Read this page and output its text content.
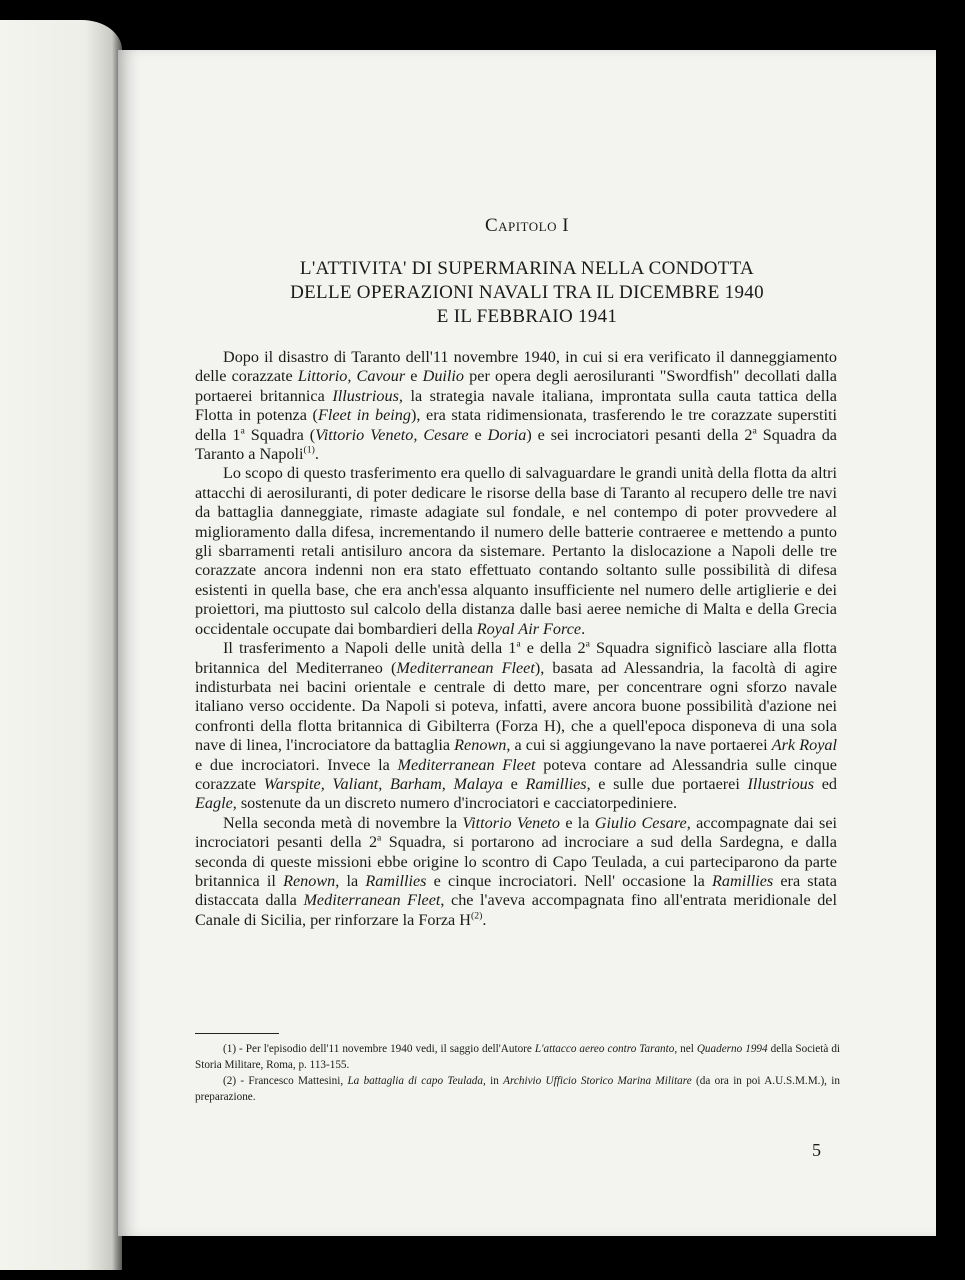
Capitolo I
L'ATTIVITA' DI SUPERMARINA NELLA CONDOTTA
DELLE OPERAZIONI NAVALI TRA IL DICEMBRE 1940
E IL FEBBRAIO 1941

Dopo il disastro di Taranto dell'11 novembre 1940, in cui si era verificato il danneggiamento delle corazzate Littorio, Cavour e Duilio per opera degli aerosiluranti "Swordfish" decollati dalla portaerei britannica Illustrious, la strategia navale italiana, improntata sulla cauta tattica della Flotta in potenza (Fleet in being), era stata ridimensionata, trasferendo le tre corazzate superstiti della 1$^a$ Squadra (Vittorio Veneto, Cesare e Doria) e sei incrociatori pesanti della 2$^a$ Squadra da Taranto a Napoli$^{(1)}$.

Lo scopo di questo trasferimento era quello di salvaguardare le grandi unità della flotta da altri attacchi di aerosiluranti, di poter dedicare le risorse della base di Taranto al recupero delle tre navi da battaglia danneggiate, rimaste adagiate sul fondale, e nel contempo di poter provvedere al miglioramento dalla difesa, incrementando il numero delle batterie contraeree e mettendo a punto gli sbarramenti retali antisiluro ancora da sistemare. Pertanto la dislocazione a Napoli delle tre corazzate ancora indenni non era stato effettuato contando soltanto sulle possibilità di difesa esistenti in quella base, che era anch'essa alquanto insufficiente nel numero delle artiglierie e dei proiettori, ma piuttosto sul calcolo della distanza dalle basi aeree nemiche di Malta e della Grecia occidentale occupate dai bombardieri della Royal Air Force.

Il trasferimento a Napoli delle unità della 1$^a$ e della 2$^a$ Squadra significò lasciare alla flotta britannica del Mediterraneo (Mediterranean Fleet), basata ad Alessandria, la facoltà di agire indisturbata nei bacini orientale e centrale di detto mare, per concentrare ogni sforzo navale italiano verso occidente. Da Napoli si poteva, infatti, avere ancora buone possibilità d'azione nei confronti della flotta britannica di Gibilterra (Forza H), che a quell'epoca disponeva di una sola nave di linea, l'incrociatore da battaglia Renown, a cui si aggiungevano la nave portaerei Ark Royal e due incrociatori. Invece la Mediterranean Fleet poteva contare ad Alessandria sulle cinque corazzate Warspite, Valiant, Barham, Malaya e Ramillies, e sulle due portaerei Illustrious ed Eagle, sostenute da un discreto numero d'incrociatori e cacciatorpediniere.

Nella seconda metà di novembre la Vittorio Veneto e la Giulio Cesare, accompagnate dai sei incrociatori pesanti della 2$^a$ Squadra, si portarono ad incrociare a sud della Sardegna, e dalla seconda di queste missioni ebbe origine lo scontro di Capo Teulada, a cui parteciparono da parte britannica il Renown, la Ramillies e cinque incrociatori. Nell' occasione la Ramillies era stata distaccata dalla Mediterranean Fleet, che l'aveva accompagnata fino all'entrata meridionale del Canale di Sicilia, per rinforzare la Forza $H^{(2)}$.

(1) - Per l'episodio dell'11 novembre 1940 vedi, il saggio dell'Autore L'attacco aereo contro Taranto, nel Quaderno 1994 della Società di Storia Militare, Roma, p. 113-155.

(2) - Francesco Mattesini, La battaglia di capo Teulada, in Archivio Ufficio Storico Marina Militare (da ora in poi A.U.S.M.M.), in preparazione.

5
